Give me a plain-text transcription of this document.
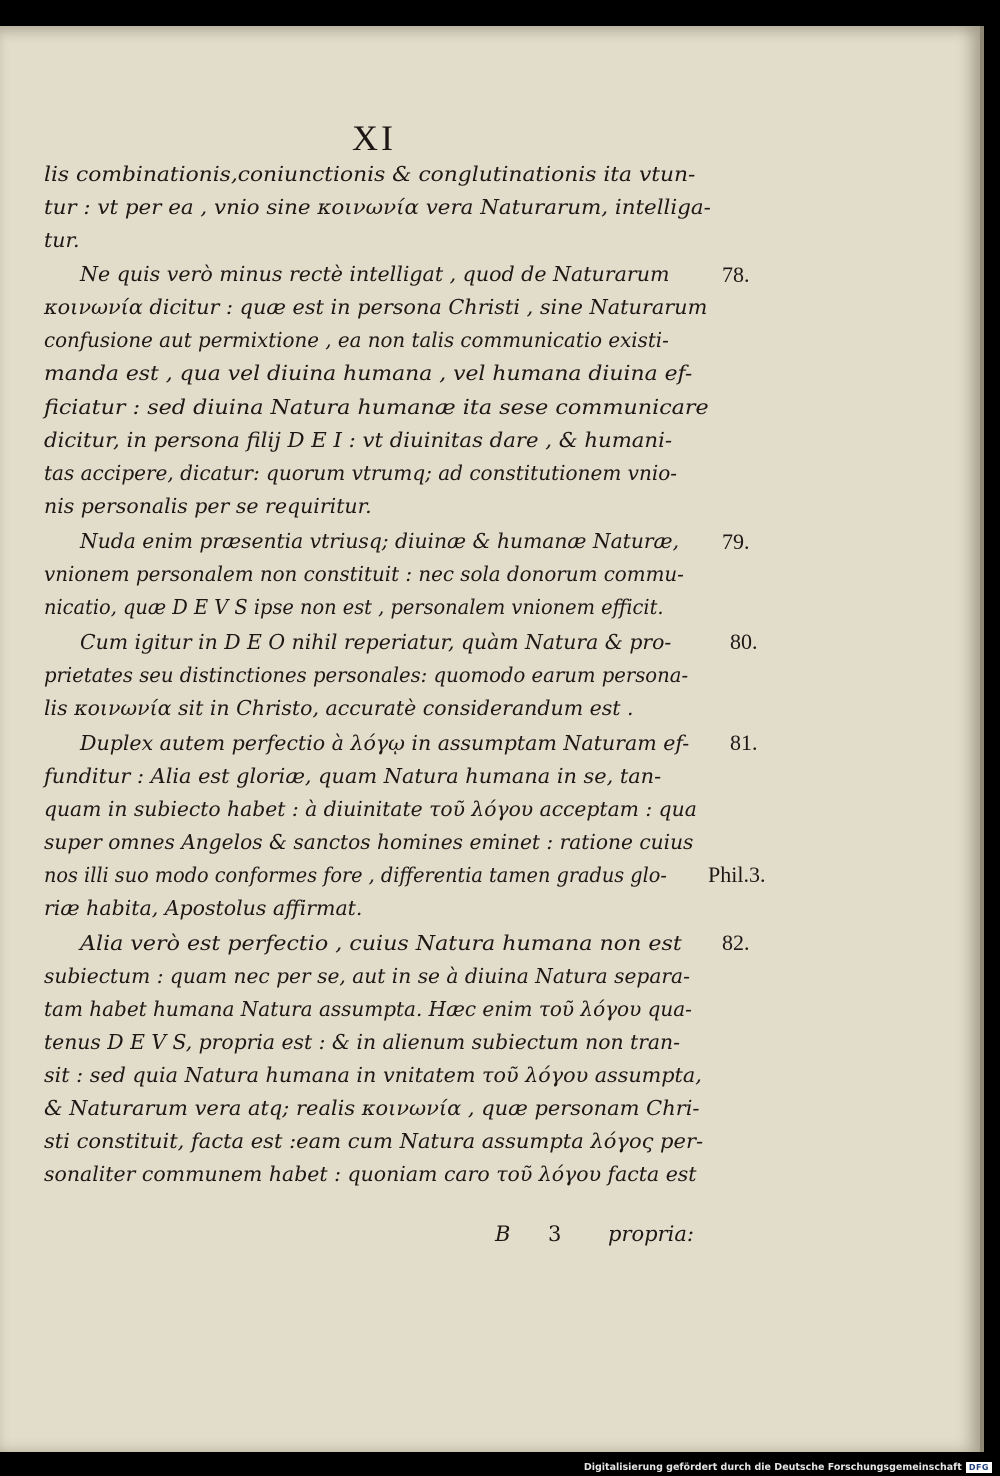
XI
lis combinationis,coniunctionis & conglutinationis ita vtun-
tur : vt per ea , vnio sine κοινωνία vera Naturarum, intelliga-
tur.
Ne quis verò minus rectè intelligat , quod de Naturarum
κοινωνία dicitur : quæ est in persona Christi , sine Naturarum
confusione aut permixtione , ea non talis communicatio existi-
manda est , qua vel diuina humana , vel humana diuina ef-
ficiatur : sed diuina Natura humanæ ita sese communicare
dicitur, in persona filij D E I : vt diuinitas dare , & humani-
tas accipere, dicatur: quorum vtrumq; ad constitutionem vnio-
nis personalis per se requiritur.
Nuda enim præsentia vtriusq; diuinæ & humanæ Naturæ,
vnionem personalem non constituit : nec sola donorum commu-
nicatio, quæ D E V S ipse non est , personalem vnionem efficit.
Cum igitur in D E O nihil reperiatur, quàm Natura & pro-
prietates seu distinctiones personales: quomodo earum persona-
lis κοινωνία sit in Christo, accuratè considerandum est .
Duplex autem perfectio à λόγῳ in assumptam Naturam ef-
funditur : Alia est gloriæ, quam Natura humana in se, tan-
quam in subiecto habet : à diuinitate τοῦ λόγου acceptam : qua
super omnes Angelos & sanctos homines eminet : ratione cuius
nos illi suo modo conformes fore , differentia tamen gradus glo-
riæ habita, Apostolus affirmat.
Alia verò est perfectio , cuius Natura humana non est
subiectum : quam nec per se, aut in se à diuina Natura separa-
tam habet humana Natura assumpta. Hæc enim τοῦ λόγου qua-
tenus D E V S, propria est : & in alienum subiectum non tran-
sit : sed quia Natura humana in vnitatem τοῦ λόγου assumpta,
& Naturarum vera atq; realis κοινωνία , quæ personam Chri-
sti constituit, facta est :eam cum Natura assumpta λόγος per-
sonaliter communem habet : quoniam caro τοῦ λόγου facta est
78.
79.
80.
81.
Phil.3.
82.
B 3 propria:
Digitalisierung gefördert durch die Deutsche Forschungsgemeinschaft DFG
